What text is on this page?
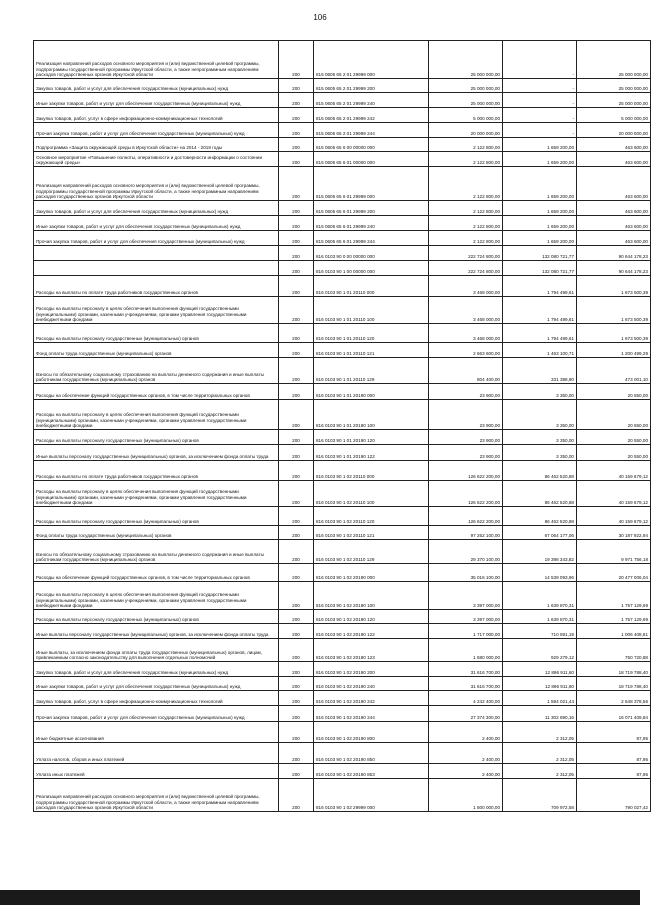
106
Реализация направлений расходов основного мероприятия и (или) ведомственной целевой программы, подпрограммы государственной программы Иркутской области, а также непрограммным направлениям расходов государственных органов Иркутской области	200	815 0605 65 2 01 29999 000	25 000 000,00	-	25 000 000,00
Закупка товаров, работ и услуг для обеспечения государственных (муниципальных) нужд	200	815 0605 65 2 01 29999 200	25 000 000,00	-	25 000 000,00
Иные закупки товаров, работ и услуг для обеспечения государственных (муниципальных) нужд	200	815 0605 65 2 01 29999 240	25 000 000,00	-	25 000 000,00
Закупка товаров, работ, услуг в сфере информационно-коммуникационных технологий	200	815 0605 65 2 01 29999 242	5 000 000,00	-	5 000 000,00
Прочая закупка товаров, работ и услуг для обеспечения государственных (муниципальных) нужд	200	815 0605 65 2 01 29999 244	20 000 000,00	-	20 000 000,00
Подпрограмма «Защита окружающей среды в Иркутской области» на 2014 - 2018 годы	200	815 0605 65 6 00 00000 000	2 122 800,00	1 659 200,00	463 600,00
Основное мероприятие «Повышение полноты, оперативности и достоверности информации о состоянии окружающей среды»	200	815 0605 65 6 01 00000 000	2 122 800,00	1 659 200,00	463 600,00
Реализация направлений расходов основного мероприятия и (или) ведомственной целевой программы, подпрограммы государственной программы Иркутской области, а также непрограммным направлениям расходов государственных органов Иркутской области	200	815 0605 65 6 01 29999 000	2 122 800,00	1 659 200,00	463 600,00
Закупка товаров, работ и услуг для обеспечения государственных (муниципальных) нужд	200	815 0605 65 6 01 29999 200	2 122 800,00	1 659 200,00	463 600,00
Иные закупки товаров, работ и услуг для обеспечения государственных (муниципальных) нужд	200	815 0605 65 6 01 29999 240	2 122 800,00	1 659 200,00	463 600,00
Прочая закупка товаров, работ и услуг для обеспечения государственных (муниципальных) нужд	200	815 0605 65 6 01 29999 244	2 122 800,00	1 659 200,00	463 600,00
	200	816 0103 90 0 00 00000 000	222 724 800,00	132 080 721,77	90 644 178,23
	200	816 0103 90 1 00 00000 000	222 724 800,00	132 080 721,77	90 644 178,23
Расходы на выплаты по оплате труда работников государственных органов	200	816 0103 90 1 01 20110 000	3 468 000,00	1 794 499,61	1 673 500,39
Расходы на выплаты персоналу в целях обеспечения выполнения функций государственными (муниципальными) органами, казенными учреждениями, органами управления государственными внебюджетными фондами	200	816 0103 90 1 01 20110 100	3 468 000,00	1 794 499,61	1 673 500,39
Расходы на выплаты персоналу государственных (муниципальных) органов	200	816 0103 90 1 01 20110 120	3 468 000,00	1 794 499,61	1 673 500,39
Фонд оплаты труда государственных (муниципальных) органов	200	816 0103 90 1 01 20110 121	2 663 600,00	1 463 100,71	1 200 499,29
Взносы по обязательному социальному страхованию на выплаты денежного содержания и иные выплаты работникам государственных (муниципальных) органов	200	816 0103 90 1 01 20110 129	804 400,00	331 398,90	473 001,10
Расходы на обеспечение функций государственных органов, в том числе территориальных органов	200	816 0103 90 1 01 20190 000	23 900,00	3 350,00	20 550,00
Расходы на выплаты персоналу в целях обеспечения выполнения функций государственными (муниципальными) органами, казенными учреждениями, органами управления государственными внебюджетными фондами	200	816 0103 90 1 01 20190 100	23 900,00	3 350,00	20 550,00
Расходы на выплаты персоналу государственных (муниципальных) органов	200	816 0103 90 1 01 20190 120	23 900,00	3 350,00	20 550,00
Иные выплаты персоналу государственных (муниципальных) органов, за исключением фонда оплаты труда	200	816 0103 90 1 01 20190 122	23 900,00	3 350,00	20 550,00
Расходы на выплаты по оплате труда работников государственных органов	200	816 0103 90 1 02 20110 000	126 622 200,00	86 462 520,88	40 159 679,12
Расходы на выплаты персоналу в целях обеспечения выполнения функций государственными (муниципальными) органами, казенными учреждениями, органами управления государственными внебюджетными фондами	200	816 0103 90 1 02 20110 100	126 622 200,00	86 462 520,88	40 159 679,12
Расходы на выплаты персоналу государственных (муниципальных) органов	200	816 0103 90 1 02 20110 120	126 622 200,00	86 462 520,88	40 159 679,12
Фонд оплаты труда государственных (муниципальных) органов	200	816 0103 90 1 02 20110 121	97 252 100,00	67 064 177,06	30 187 922,94
Взносы по обязательному социальному страхованию на выплаты денежного содержания и иные выплаты работникам государственных (муниципальных) органов	200	816 0103 90 1 02 20110 129	29 370 100,00	19 398 343,82	9 971 756,18
Расходы на обеспечение функций государственных органов, в том числе территориальных органов	200	816 0103 90 1 02 20190 000	35 016 100,00	14 539 093,96	20 477 006,04
Расходы на выплаты персоналу в целях обеспечения выполнения функций государственными (муниципальными) органами, казенными учреждениями, органами управления государственными внебюджетными фондами	200	816 0103 90 1 02 20190 100	3 397 000,00	1 639 870,31	1 757 129,69
Расходы на выплаты персоналу государственных (муниципальных) органов	200	816 0103 90 1 02 20190 120	3 397 000,00	1 639 870,31	1 757 129,69
Иные выплаты персоналу государственных (муниципальных) органов, за исключением фонда оплаты труда	200	816 0103 90 1 02 20190 122	1 717 000,00	710 591,19	1 006 408,81
Иные выплаты, за исключением фонда оплаты труда государственных (муниципальных) органов, лицам, привлекаемым согласно законодательству для выполнения отдельных полномочий	200	816 0103 90 1 02 20190 123	1 680 000,00	929 279,12	750 720,88
Закупка товаров, работ и услуг для обеспечения государственных (муниципальных) нужд	200	816 0103 90 1 02 20190 200	31 616 700,00	12 896 911,60	18 719 788,40
Иные закупки товаров, работ и услуг для обеспечения государственных (муниципальных) нужд	200	816 0103 90 1 02 20190 240	31 616 700,00	12 896 911,60	18 719 788,40
Закупка товаров, работ, услуг в сфере информационно-коммуникационных технологий	200	816 0103 90 1 02 20190 242	4 242 400,00	1 594 021,44	2 648 378,56
Прочая закупка товаров, работ и услуг для обеспечения государственных (муниципальных) нужд	200	816 0103 90 1 02 20190 244	27 374 300,00	11 302 890,16	16 071 409,84
Иные бюджетные ассигнования	200	816 0103 90 1 02 20190 800	2 400,00	2 312,05	87,95
Уплата налогов, сборов и иных платежей	200	816 0103 90 1 02 20190 850	2 400,00	2 312,05	87,95
Уплата иных платежей	200	816 0103 90 1 02 20190 853	2 400,00	2 312,05	87,95
Реализация направлений расходов основного мероприятия и (или) ведомственной целевой программы, подпрограммы государственной программы Иркутской области, а также непрограммным направлениям расходов государственных органов Иркутской области	200	816 0103 90 1 02 29999 000	1 500 000,00	709 972,58	790 027,42
